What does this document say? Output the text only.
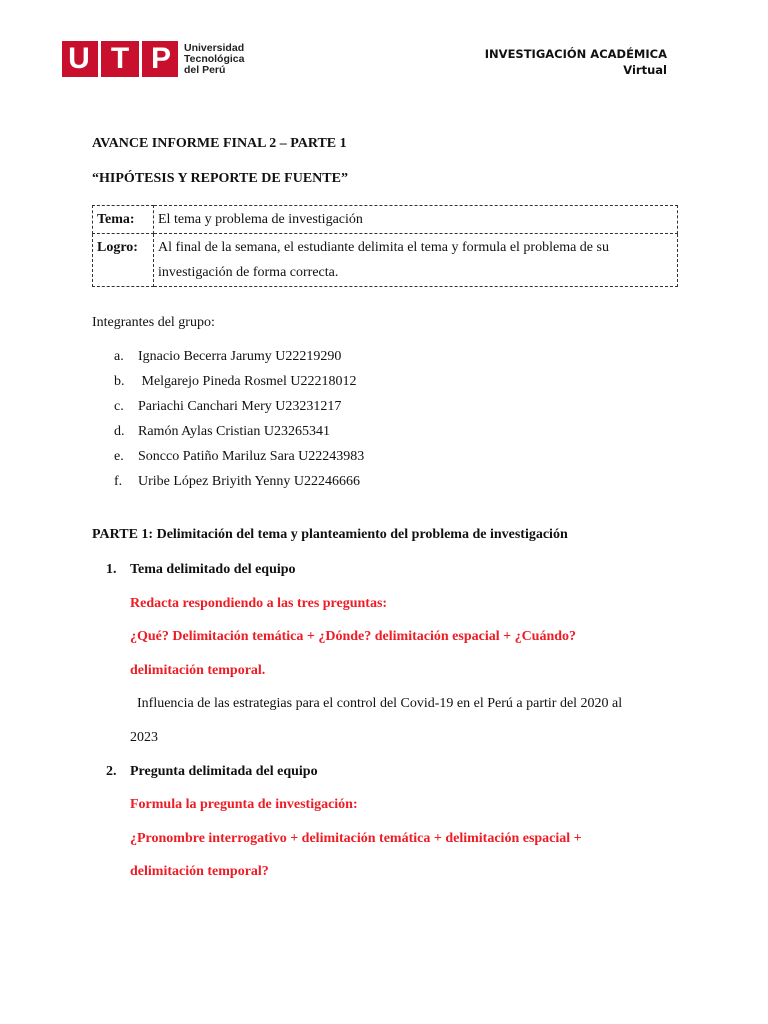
U T P	Universidad
Tecnológica
del Perú
INVESTIGACIÓN ACADÉMICA
Virtual
AVANCE INFORME FINAL 2 – PARTE 1
“HIPÓTESIS Y REPORTE DE FUENTE”
Tema:	El tema y problema de investigación
Logro:	Al final de la semana, el estudiante delimita el tema y formula el problema de su investigación de forma correcta.
Integrantes del grupo:
a.	Ignacio Becerra Jarumy U22219290
b. Melgarejo Pineda Rosmel U22218012
c.	Pariachi Canchari Mery U23231217
d. Ramón Aylas Cristian U23265341
e.	Soncco Patiño Mariluz Sara U22243983
f.	Uribe López Briyith Yenny U22246666
PARTE 1: Delimitación del tema y planteamiento del problema de investigación
1. Tema delimitado del equipo
Redacta respondiendo a las tres preguntas:
¿Qué? Delimitación temática + ¿Dónde? delimitación espacial + ¿Cuándo?
delimitación temporal.
Influencia de las estrategias para el control del Covid-19 en el Perú a partir del 2020 al
2023
2. Pregunta delimitada del equipo
Formula la pregunta de investigación:
¿Pronombre interrogativo + delimitación temática + delimitación espacial +
delimitación temporal?
